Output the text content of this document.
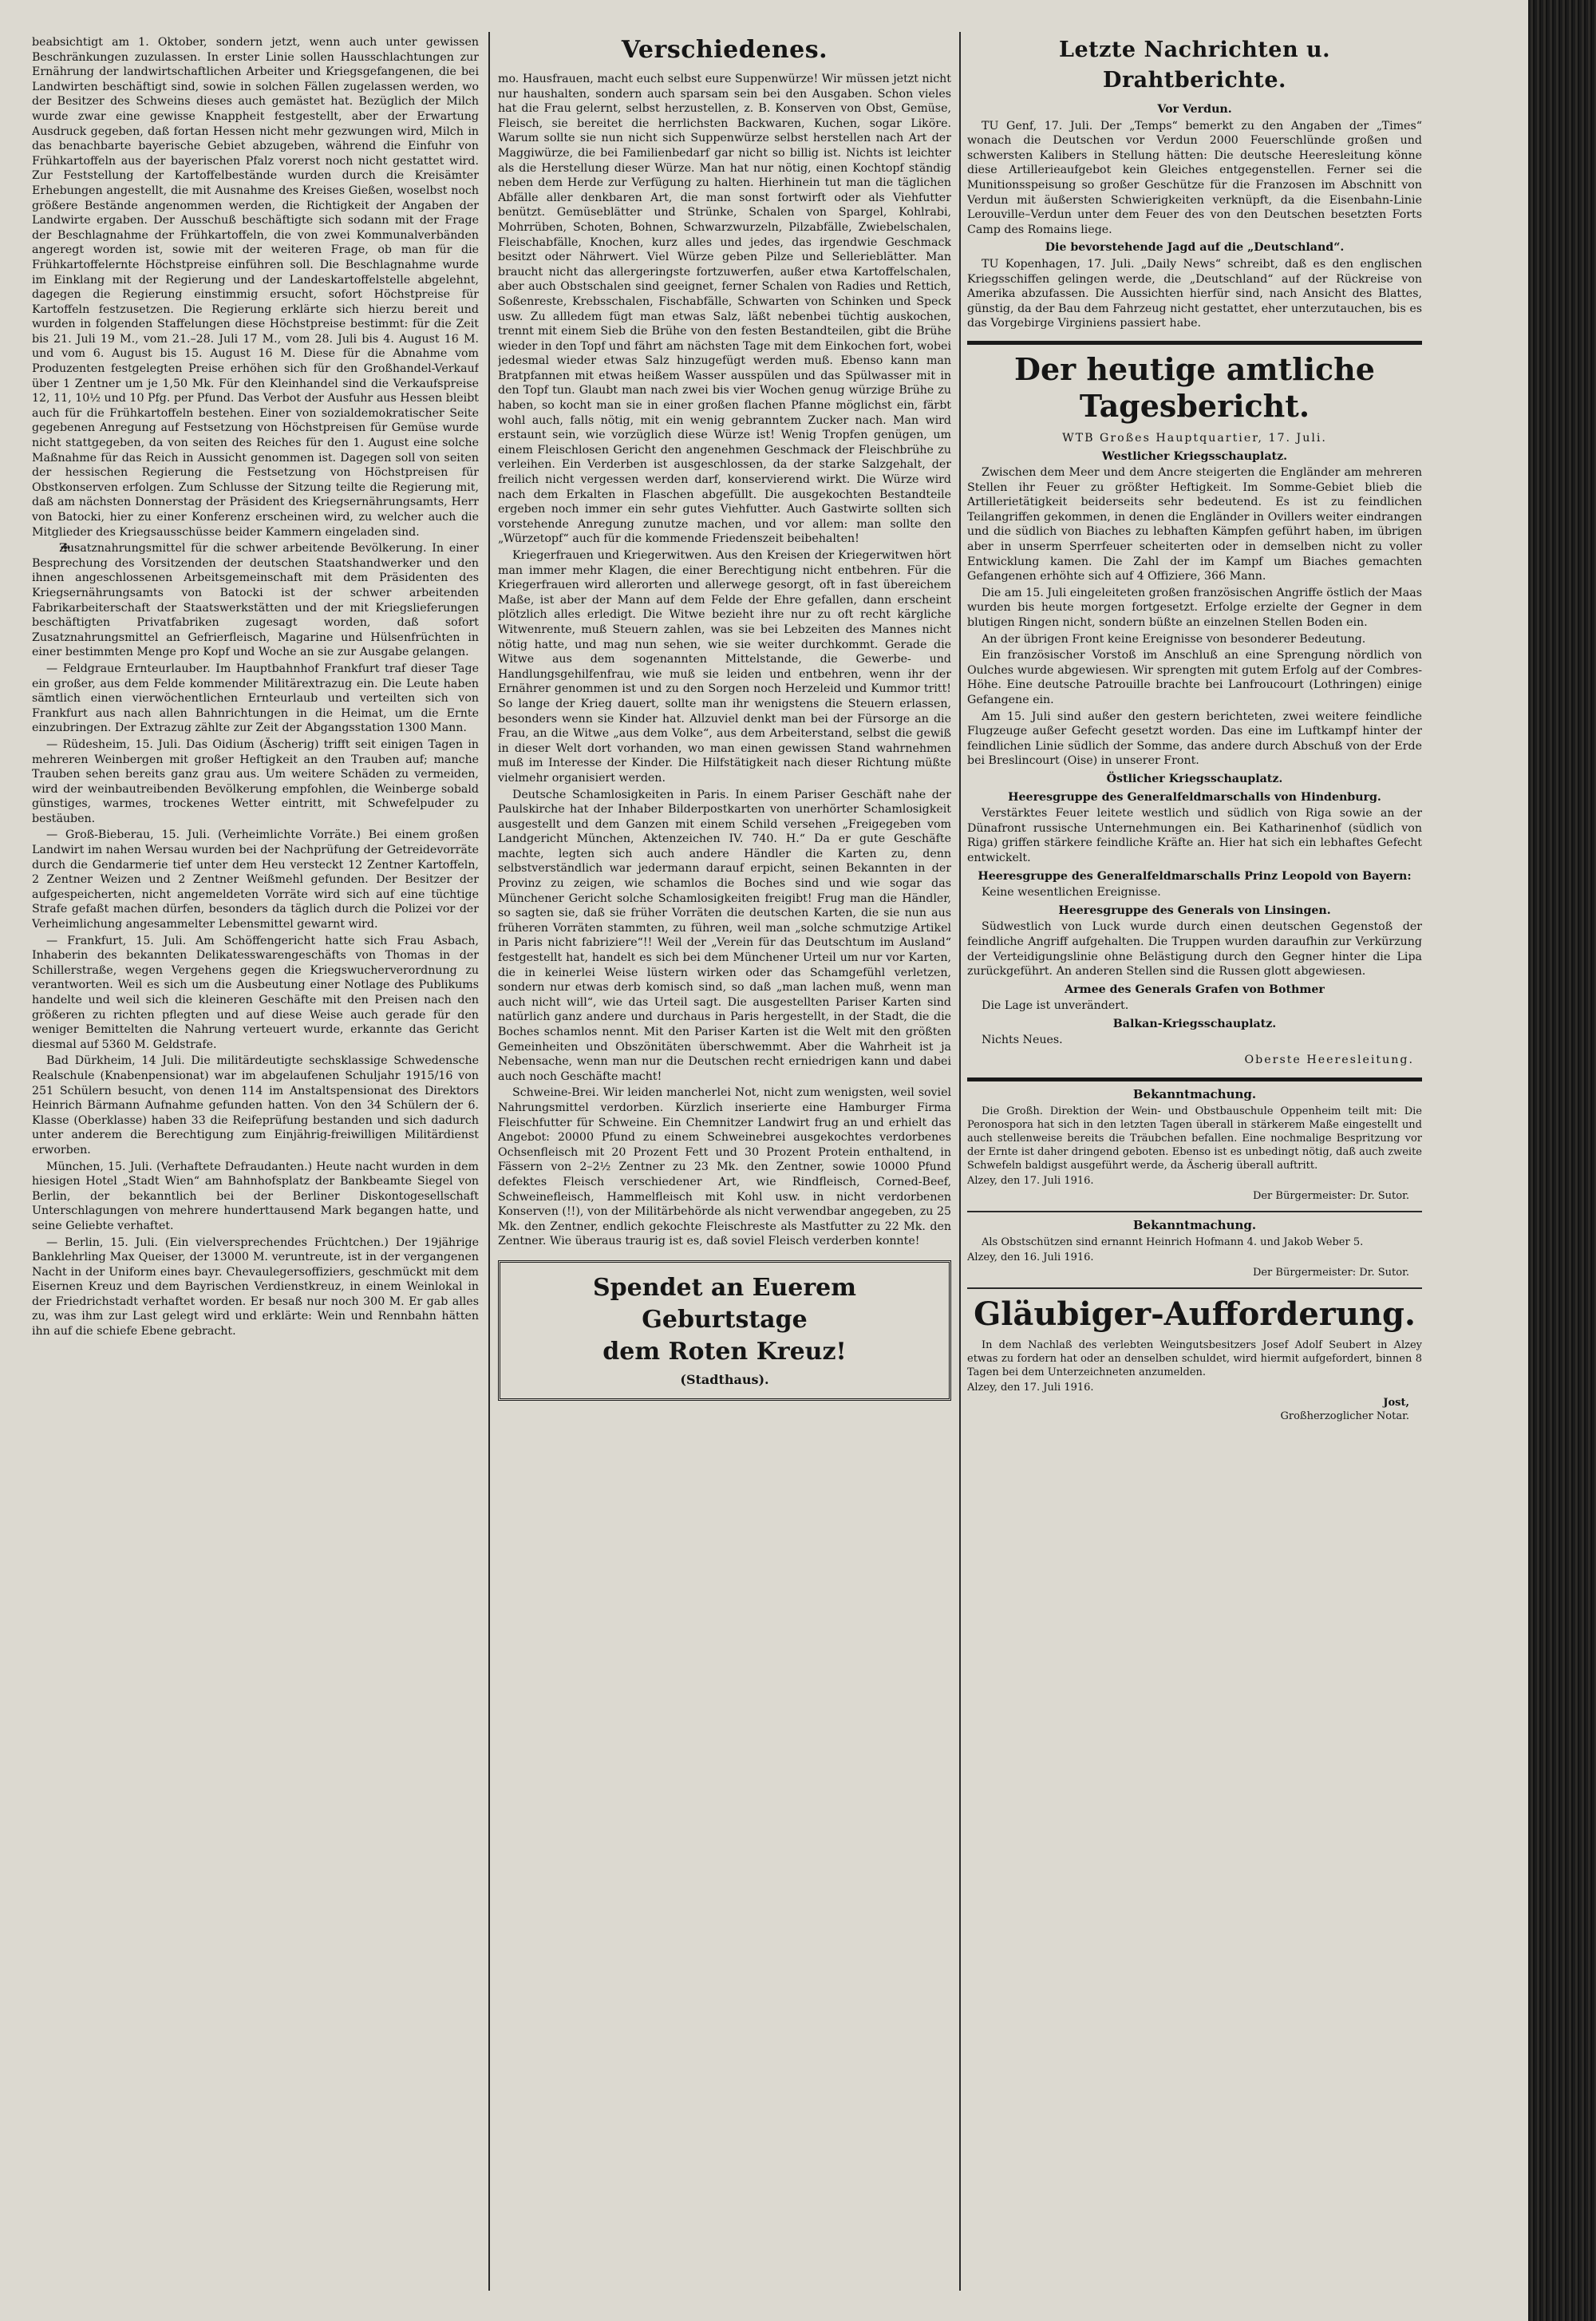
beabsichtigt am 1. Oktober, sondern jetzt, wenn auch unter gewissen Beschränkungen zuzulassen. In erster Linie sollen Hausschlachtungen zur Ernährung der landwirtschaftlichen Arbeiter und Kriegsgefangenen, die bei Landwirten beschäftigt sind, sowie in solchen Fällen zugelassen werden, wo der Besitzer des Schweins dieses auch gemästet hat. Bezüglich der Milch wurde zwar eine gewisse Knappheit festgestellt, aber der Erwartung Ausdruck gegeben, daß fortan Hessen nicht mehr gezwungen wird, Milch in das benachbarte bayerische Gebiet abzugeben, während die Einfuhr von Frühkartoffeln aus der bayerischen Pfalz vorerst noch nicht gestattet wird. Zur Feststellung der Kartoffelbestände wurden durch die Kreisämter Erhebungen angestellt, die mit Ausnahme des Kreises Gießen, woselbst noch größere Bestände angenommen werden, die Richtigkeit der Angaben der Landwirte ergaben. Der Ausschuß beschäftigte sich sodann mit der Frage der Beschlagnahme der Frühkartoffeln, die von zwei Kommunalverbänden angeregt worden ist, sowie mit der weiteren Frage, ob man für die Frühkartoffelernte Höchstpreise einführen soll. Die Beschlagnahme wurde im Einklang mit der Regierung und der Landeskartoffelstelle abgelehnt, dagegen die Regierung einstimmig ersucht, sofort Höchstpreise für Kartoffeln festzusetzen. Die Regierung erklärte sich hierzu bereit und wurden in folgenden Staffelungen diese Höchstpreise bestimmt: für die Zeit bis 21. Juli 19 M., vom 21.–28. Juli 17 M., vom 28. Juli bis 4. August 16 M. und vom 6. August bis 15. August 16 M. Diese für die Abnahme vom Produzenten festgelegten Preise erhöhen sich für den Großhandel-Verkauf über 1 Zentner um je 1,50 Mk. Für den Kleinhandel sind die Verkaufspreise 12, 11, 10½ und 10 Pfg. per Pfund. Das Verbot der Ausfuhr aus Hessen bleibt auch für die Frühkartoffeln bestehen. Einer von sozialdemokratischer Seite gegebenen Anregung auf Festsetzung von Höchstpreisen für Gemüse wurde nicht stattgegeben, da von seiten des Reiches für den 1. August eine solche Maßnahme für das Reich in Aussicht genommen ist. Dagegen soll von seiten der hessischen Regierung die Festsetzung von Höchstpreisen für Obstkonserven erfolgen. Zum Schlusse der Sitzung teilte die Regierung mit, daß am nächsten Donnerstag der Präsident des Kriegsernährungsamts, Herr von Batocki, hier zu einer Konferenz erscheinen wird, zu welcher auch die Mitglieder des Kriegsausschüsse beider Kammern eingeladen sind.

Zusatznahrungsmittel für die schwer arbeitende Bevölkerung. In einer Besprechung des Vorsitzenden der deutschen Staatshandwerker und den ihnen angeschlossenen Arbeitsgemeinschaft mit dem Präsidenten des Kriegsernährungsamts von Batocki ist der schwer arbeitenden Fabrikarbeiterschaft der Staatswerkstätten und der mit Kriegslieferungen beschäftigten Privatfabriken zugesagt worden, daß sofort Zusatznahrungsmittel an Gefrierfleisch, Magarine und Hülsenfrüchten in einer bestimmten Menge pro Kopf und Woche an sie zur Ausgabe gelangen.

— Feldgraue Ernteurlauber. Im Hauptbahnhof Frankfurt traf dieser Tage ein großer, aus dem Felde kommender Militärextrazug ein. Die Leute haben sämtlich einen vierwöchentlichen Ernteurlaub und verteilten sich von Frankfurt aus nach allen Bahnrichtungen in die Heimat, um die Ernte einzubringen. Der Extrazug zählte zur Zeit der Abgangsstation 1300 Mann.

— Rüdesheim, 15. Juli. Das Oidium (Äscherig) trifft seit einigen Tagen in mehreren Weinbergen mit großer Heftigkeit an den Trauben auf; manche Trauben sehen bereits ganz grau aus. Um weitere Schäden zu vermeiden, wird der weinbautreibenden Bevölkerung empfohlen, die Weinberge sobald günstiges, warmes, trockenes Wetter eintritt, mit Schwefelpuder zu bestäuben.

— Groß-Bieberau, 15. Juli. (Verheimlichte Vorräte.) Bei einem großen Landwirt im nahen Wersau wurden bei der Nachprüfung der Getreidevorräte durch die Gendarmerie tief unter dem Heu versteckt 12 Zentner Kartoffeln, 2 Zentner Weizen und 2 Zentner Weißmehl gefunden. Der Besitzer der aufgespeicherten, nicht angemeldeten Vorräte wird sich auf eine tüchtige Strafe gefaßt machen dürfen, besonders da täglich durch die Polizei vor der Verheimlichung angesammelter Lebensmittel gewarnt wird.

— Frankfurt, 15. Juli. Am Schöffengericht hatte sich Frau Asbach, Inhaberin des bekannten Delikatesswarengeschäfts von Thomas in der Schillerstraße, wegen Vergehens gegen die Kriegswucherverordnung zu verantworten. Weil es sich um die Ausbeutung einer Notlage des Publikums handelte und weil sich die kleineren Geschäfte mit den Preisen nach den größeren zu richten pflegten und auf diese Weise auch gerade für den weniger Bemittelten die Nahrung verteuert wurde, erkannte das Gericht diesmal auf 5360 M. Geldstrafe.

Bad Dürkheim, 14 Juli. Die militärdeutigte sechsklassige Schwedensche Realschule (Knabenpensionat) war im abgelaufenen Schuljahr 1915/16 von 251 Schülern besucht, von denen 114 im Anstaltspensionat des Direktors Heinrich Bärmann Aufnahme gefunden hatten. Von den 34 Schülern der 6. Klasse (Oberklasse) haben 33 die Reifeprüfung bestanden und sich dadurch unter anderem die Berechtigung zum Einjährig-freiwilligen Militärdienst erworben.

München, 15. Juli. (Verhaftete Defraudanten.) Heute nacht wurden in dem hiesigen Hotel „Stadt Wien“ am Bahnhofsplatz der Bankbeamte Siegel von Berlin, der bekanntlich bei der Berliner Diskontogesellschaft Unterschlagungen von mehrere hunderttausend Mark begangen hatte, und seine Geliebte verhaftet.

— Berlin, 15. Juli. (Ein vielversprechendes Früchtchen.) Der 19jährige Banklehrling Max Queiser, der 13000 M. veruntreute, ist in der vergangenen Nacht in der Uniform eines bayr. Chevaulegersoffiziers, geschmückt mit dem Eisernen Kreuz und dem Bayrischen Verdienstkreuz, in einem Weinlokal in der Friedrichstadt verhaftet worden. Er besaß nur noch 300 M. Er gab alles zu, was ihm zur Last gelegt wird und erklärte: Wein und Rennbahn hätten ihn auf die schiefe Ebene gebracht.

Verschiedenes.

mo. Hausfrauen, macht euch selbst eure Suppenwürze! Wir müssen jetzt nicht nur haushalten, sondern auch sparsam sein bei den Ausgaben. Schon vieles hat die Frau gelernt, selbst herzustellen, z. B. Konserven von Obst, Gemüse, Fleisch, sie bereitet die herrlichsten Backwaren, Kuchen, sogar Liköre. Warum sollte sie nun nicht sich Suppenwürze selbst herstellen nach Art der Maggiwürze, die bei Familienbedarf gar nicht so billig ist. Nichts ist leichter als die Herstellung dieser Würze. Man hat nur nötig, einen Kochtopf ständig neben dem Herde zur Verfügung zu halten. Hierhinein tut man die täglichen Abfälle aller denkbaren Art, die man sonst fortwirft oder als Viehfutter benützt. Gemüseblätter und Strünke, Schalen von Spargel, Kohlrabi, Mohrrüben, Schoten, Bohnen, Schwarzwurzeln, Pilzabfälle, Zwiebelschalen, Fleischabfälle, Knochen, kurz alles und jedes, das irgendwie Geschmack besitzt oder Nährwert. Viel Würze geben Pilze und Sellerieblätter. Man braucht nicht das allergeringste fortzuwerfen, außer etwa Kartoffelschalen, aber auch Obstschalen sind geeignet, ferner Schalen von Radies und Rettich, Soßenreste, Krebsschalen, Fischabfälle, Schwarten von Schinken und Speck usw. Zu allledem fügt man etwas Salz, läßt nebenbei tüchtig auskochen, trennt mit einem Sieb die Brühe von den festen Bestandteilen, gibt die Brühe wieder in den Topf und fährt am nächsten Tage mit dem Einkochen fort, wobei jedesmal wieder etwas Salz hinzugefügt werden muß. Ebenso kann man Bratpfannen mit etwas heißem Wasser ausspülen und das Spülwasser mit in den Topf tun. Glaubt man nach zwei bis vier Wochen genug würzige Brühe zu haben, so kocht man sie in einer großen flachen Pfanne möglichst ein, färbt wohl auch, falls nötig, mit ein wenig gebranntem Zucker nach. Man wird erstaunt sein, wie vorzüglich diese Würze ist! Wenig Tropfen genügen, um einem Fleischlosen Gericht den angenehmen Geschmack der Fleischbrühe zu verleihen. Ein Verderben ist ausgeschlossen, da der starke Salzgehalt, der freilich nicht vergessen werden darf, konservierend wirkt. Die Würze wird nach dem Erkalten in Flaschen abgefüllt. Die ausgekochten Bestandteile ergeben noch immer ein sehr gutes Viehfutter. Auch Gastwirte sollten sich vorstehende Anregung zunutze machen, und vor allem: man sollte den „Würzetopf“ auch für die kommende Friedenszeit beibehalten!

Kriegerfrauen und Kriegerwitwen. Aus den Kreisen der Kriegerwitwen hört man immer mehr Klagen, die einer Berechtigung nicht entbehren. Für die Kriegerfrauen wird allerorten und allerwege gesorgt, oft in fast übereichem Maße, ist aber der Mann auf dem Felde der Ehre gefallen, dann erscheint plötzlich alles erledigt. Die Witwe bezieht ihre nur zu oft recht kärgliche Witwenrente, muß Steuern zahlen, was sie bei Lebzeiten des Mannes nicht nötig hatte, und mag nun sehen, wie sie weiter durchkommt. Gerade die Witwe aus dem sogenannten Mittelstande, die Gewerbe- und Handlungsgehilfenfrau, wie muß sie leiden und entbehren, wenn ihr der Ernährer genommen ist und zu den Sorgen noch Herzeleid und Kummor tritt! So lange der Krieg dauert, sollte man ihr wenigstens die Steuern erlassen, besonders wenn sie Kinder hat. Allzuviel denkt man bei der Fürsorge an die Frau, an die Witwe „aus dem Volke“, aus dem Arbeiterstand, selbst die gewiß in dieser Welt dort vorhanden, wo man einen gewissen Stand wahrnehmen muß im Interesse der Kinder. Die Hilfstätigkeit nach dieser Richtung müßte vielmehr organisiert werden.

Deutsche Schamlosigkeiten in Paris. In einem Pariser Geschäft nahe der Paulskirche hat der Inhaber Bilderpostkarten von unerhörter Schamlosigkeit ausgestellt und dem Ganzen mit einem Schild versehen „Freigegeben vom Landgericht München, Aktenzeichen IV. 740. H.“ Da er gute Geschäfte machte, legten sich auch andere Händler die Karten zu, denn selbstverständlich war jedermann darauf erpicht, seinen Bekannten in der Provinz zu zeigen, wie schamlos die Boches sind und wie sogar das Münchener Gericht solche Schamlosigkeiten freigibt! Frug man die Händler, so sagten sie, daß sie früher Vorräten die deutschen Karten, die sie nun aus früheren Vorräten stammten, zu führen, weil man „solche schmutzige Artikel in Paris nicht fabriziere“!! Weil der „Verein für das Deutschtum im Ausland“ festgestellt hat, handelt es sich bei dem Münchener Urteil um nur vor Karten, die in keinerlei Weise lüstern wirken oder das Schamgefühl verletzen, sondern nur etwas derb komisch sind, so daß „man lachen muß, wenn man auch nicht will“, wie das Urteil sagt. Die ausgestellten Pariser Karten sind natürlich ganz andere und durchaus in Paris hergestellt, in der Stadt, die die Boches schamlos nennt. Mit den Pariser Karten ist die Welt mit den größten Gemeinheiten und Obszönitäten überschwemmt. Aber die Wahrheit ist ja Nebensache, wenn man nur die Deutschen recht erniedrigen kann und dabei auch noch Geschäfte macht!

Schweine-Brei. Wir leiden mancherlei Not, nicht zum wenigsten, weil soviel Nahrungsmittel verdorben. Kürzlich inserierte eine Hamburger Firma Fleischfutter für Schweine. Ein Chemnitzer Landwirt frug an und erhielt das Angebot: 20000 Pfund zu einem Schweinebrei ausgekochtes verdorbenes Ochsenfleisch mit 20 Prozent Fett und 30 Prozent Protein enthaltend, in Fässern von 2–2½ Zentner zu 23 Mk. den Zentner, sowie 10000 Pfund defektes Fleisch verschiedener Art, wie Rindfleisch, Corned-Beef, Schweinefleisch, Hammelfleisch mit Kohl usw. in nicht verdorbenen Konserven (!!), von der Militärbehörde als nicht verwendbar angegeben, zu 25 Mk. den Zentner, endlich gekochte Fleischreste als Mastfutter zu 22 Mk. den Zentner. Wie überaus traurig ist es, daß soviel Fleisch verderben konnte!

Spendet an Euerem Geburtstage
dem Roten Kreuz!
(Stadthaus).
Letzte Nachrichten u. Drahtberichte.
Vor Verdun.

TU Genf, 17. Juli. Der „Temps“ bemerkt zu den Angaben der „Times“ wonach die Deutschen vor Verdun 2000 Feuerschlünde großen und schwersten Kalibers in Stellung hätten: Die deutsche Heeresleitung könne diese Artillerieaufgebot kein Gleiches entgegenstellen. Ferner sei die Munitionsspeisung so großer Geschütze für die Franzosen im Abschnitt von Verdun mit äußersten Schwierigkeiten verknüpft, da die Eisenbahn-Linie Lerouville–Verdun unter dem Feuer des von den Deutschen besetzten Forts Camp des Romains liege.

Die bevorstehende Jagd auf die „Deutschland“.

TU Kopenhagen, 17. Juli. „Daily News“ schreibt, daß es den englischen Kriegsschiffen gelingen werde, die „Deutschland“ auf der Rückreise von Amerika abzufassen. Die Aussichten hierfür sind, nach Ansicht des Blattes, günstig, da der Bau dem Fahrzeug nicht gestattet, eher unterzutauchen, bis es das Vorgebirge Virginiens passiert habe.

Der heutige amtliche Tagesbericht.

WTB Großes Hauptquartier, 17. Juli.

Westlicher Kriegsschauplatz.

Zwischen dem Meer und dem Ancre steigerten die Engländer am mehreren Stellen ihr Feuer zu größter Heftigkeit. Im Somme-Gebiet blieb die Artillerietätigkeit beiderseits sehr bedeutend. Es ist zu feindlichen Teilangriffen gekommen, in denen die Engländer in Ovillers weiter eindrangen und die südlich von Biaches zu lebhaften Kämpfen geführt haben, im übrigen aber in unserm Sperrfeuer scheiterten oder in demselben nicht zu voller Entwicklung kamen. Die Zahl der im Kampf um Biaches gemachten Gefangenen erhöhte sich auf 4 Offiziere, 366 Mann.

Die am 15. Juli eingeleiteten großen französischen Angriffe östlich der Maas wurden bis heute morgen fortgesetzt. Erfolge erzielte der Gegner in dem blutigen Ringen nicht, sondern büßte an einzelnen Stellen Boden ein.

An der übrigen Front keine Ereignisse von besonderer Bedeutung.

Ein französischer Vorstoß im Anschluß an eine Sprengung nördlich von Oulches wurde abgewiesen. Wir sprengten mit gutem Erfolg auf der Combres-Höhe. Eine deutsche Patrouille brachte bei Lanfroucourt (Lothringen) einige Gefangene ein.

Am 15. Juli sind außer den gestern berichteten, zwei weitere feindliche Flugzeuge außer Gefecht gesetzt worden. Das eine im Luftkampf hinter der feindlichen Linie südlich der Somme, das andere durch Abschuß von der Erde bei Breslincourt (Oise) in unserer Front.

Östlicher Kriegsschauplatz.
Heeresgruppe des Generalfeldmarschalls von Hindenburg.

Verstärktes Feuer leitete westlich und südlich von Riga sowie an der Dünafront russische Unternehmungen ein. Bei Katharinenhof (südlich von Riga) griffen stärkere feindliche Kräfte an. Hier hat sich ein lebhaftes Gefecht entwickelt.

Heeresgruppe des Generalfeldmarschalls Prinz Leopold von Bayern:

Keine wesentlichen Ereignisse.

Heeresgruppe des Generals von Linsingen.

Südwestlich von Luck wurde durch einen deutschen Gegenstoß der feindliche Angriff aufgehalten. Die Truppen wurden daraufhin zur Verkürzung der Verteidigungslinie ohne Belästigung durch den Gegner hinter die Lipa zurückgeführt. An anderen Stellen sind die Russen glott abgewiesen.

Armee des Generals Grafen von Bothmer

Die Lage ist unverändert.

Balkan-Kriegsschauplatz.

Nichts Neues.

Oberste Heeresleitung.
Bekanntmachung.

Die Großh. Direktion der Wein- und Obstbauschule Oppenheim teilt mit: Die Peronospora hat sich in den letzten Tagen überall in stärkerem Maße eingestellt und auch stellenweise bereits die Träubchen befallen. Eine nochmalige Bespritzung vor der Ernte ist daher dringend geboten. Ebenso ist es unbedingt nötig, daß auch zweite Schwefeln baldigst ausgeführt werde, da Äscherig überall auftritt.

Alzey, den 17. Juli 1916.

Der Bürgermeister: Dr. Sutor.
Bekanntmachung.

Als Obstschützen sind ernannt Heinrich Hofmann 4. und Jakob Weber 5.

Alzey, den 16. Juli 1916.

Der Bürgermeister: Dr. Sutor.
Gläubiger-Aufforderung.

In dem Nachlaß des verlebten Weingutsbesitzers Josef Adolf Seubert in Alzey etwas zu fordern hat oder an denselben schuldet, wird hiermit aufgefordert, binnen 8 Tagen bei dem Unterzeichneten anzumelden.

Alzey, den 17. Juli 1916.

Jost,
Großherzoglicher Notar.
